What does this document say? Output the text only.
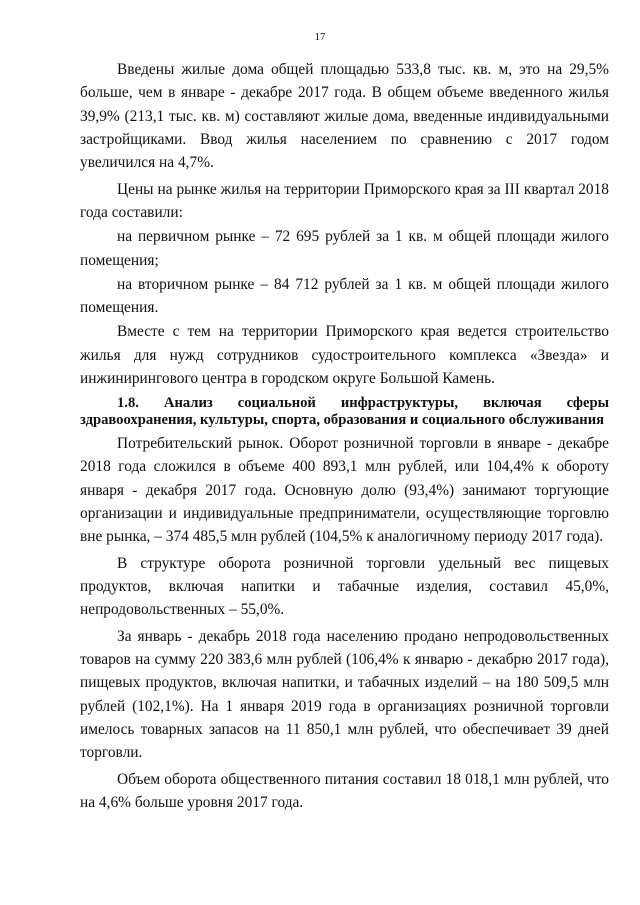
17

Введены жилые дома общей площадью 533,8 тыс. кв. м, это на 29,5% больше, чем в январе - декабре 2017 года. В общем объеме введенного жилья 39,9% (213,1 тыс. кв. м) составляют жилые дома, введенные индивидуальными застройщиками. Ввод жилья населением по сравнению с 2017 годом увеличился на 4,7%.

Цены на рынке жилья на территории Приморского края за III квартал 2018 года составили:

на первичном рынке – 72 695 рублей за 1 кв. м общей площади жилого помещения;

на вторичном рынке – 84 712 рублей за 1 кв. м общей площади жилого помещения.

Вместе с тем на территории Приморского края ведется строительство жилья для нужд сотрудников судостроительного комплекса «Звезда» и инжинирингового центра в городском округе Большой Камень.

1.8. Анализ социальной инфраструктуры, включая сферы здравоохранения, культуры, спорта, образования и социального обслуживания

Потребительский рынок. Оборот розничной торговли в январе - декабре 2018 года сложился в объеме 400 893,1 млн рублей, или 104,4% к обороту января - декабря 2017 года. Основную долю (93,4%) занимают торгующие организации и индивидуальные предприниматели, осуществляющие торговлю вне рынка, – 374 485,5 млн рублей (104,5% к аналогичному периоду 2017 года).

В структуре оборота розничной торговли удельный вес пищевых продуктов, включая напитки и табачные изделия, составил 45,0%, непродовольственных – 55,0%.

За январь - декабрь 2018 года населению продано непродовольственных товаров на сумму 220 383,6 млн рублей (106,4% к январю - декабрю 2017 года), пищевых продуктов, включая напитки, и табачных изделий – на 180 509,5 млн рублей (102,1%). На 1 января 2019 года в организациях розничной торговли имелось товарных запасов на 11 850,1 млн рублей, что обеспечивает 39 дней торговли.

Объем оборота общественного питания составил 18 018,1 млн рублей, что на 4,6% больше уровня 2017 года.
